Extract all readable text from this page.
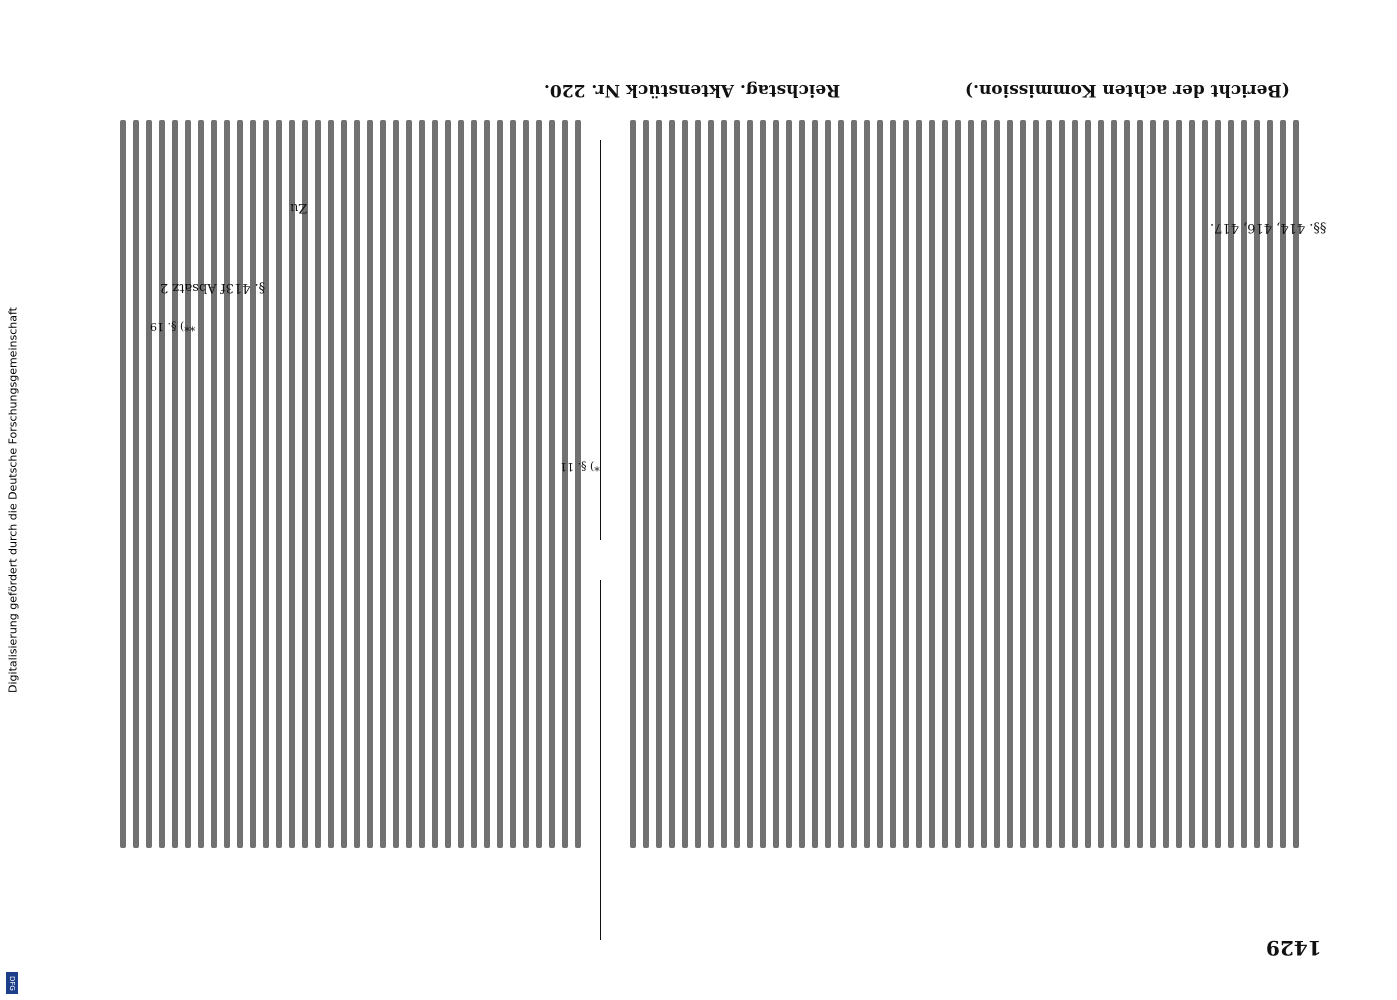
Digitalisierung gefördert durch die Deutsche Forschungsgemeinschaft
DFG
Reichstag. Aktenstück Nr. 220.	(Bericht der achten Kommission.)
1429
§§. 414, 416, 417.
Zu
§. 413f Absatz 2
*) §. 11
**) §. 19
